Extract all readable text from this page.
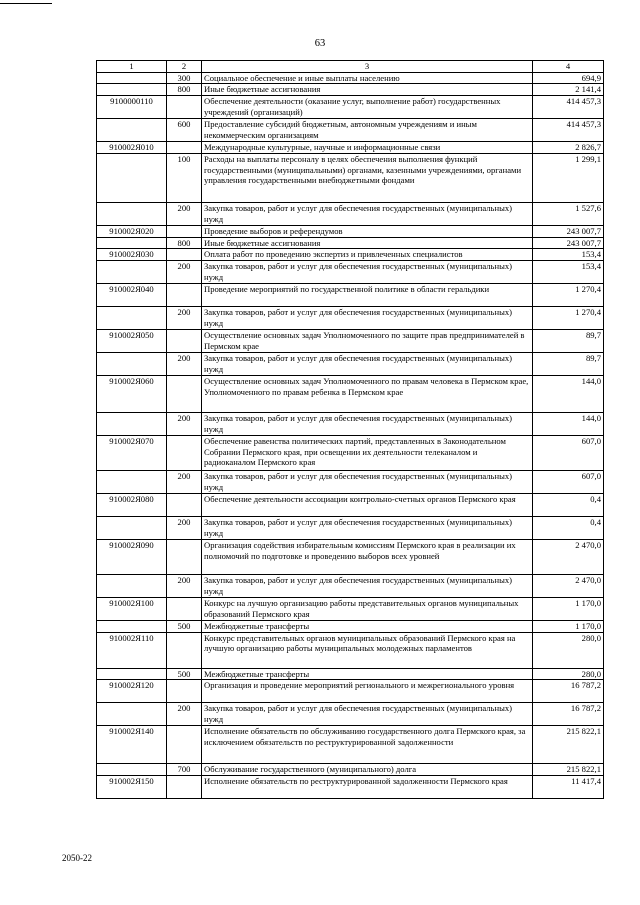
63
1	2	3	4
	300	Социальное обеспечение и иные выплаты населению	694,9
	800	Иные бюджетные ассигнования	2 141,4
9100000110		Обеспечение деятельности (оказание услуг, выполнение работ) государственных учреждений (организаций)	414 457,3
	600	Предоставление субсидий бюджетным, автономным учреждениям и иным некоммерческим организациям	414 457,3
910002Я010		Международные культурные, научные и информационные связи	2 826,7
	100	Расходы на выплаты персоналу в целях обеспечения выполнения функций государственными (муниципальными) органами, казенными учреждениями, органами управления государственными внебюджетными фондами	1 299,1
	200	Закупка товаров, работ и услуг для обеспечения государственных (муниципальных) нужд	1 527,6
910002Я020		Проведение выборов и референдумов	243 007,7
	800	Иные бюджетные ассигнования	243 007,7
910002Я030		Оплата работ по проведению экспертиз и привлеченных специалистов	153,4
	200	Закупка товаров, работ и услуг для обеспечения государственных (муниципальных) нужд	153,4
910002Я040		Проведение мероприятий по государственной политике в области геральдики	1 270,4
	200	Закупка товаров, работ и услуг для обеспечения государственных (муниципальных) нужд	1 270,4
910002Я050		Осуществление основных задач Уполномоченного по защите прав предпринимателей в Пермском крае	89,7
	200	Закупка товаров, работ и услуг для обеспечения государственных (муниципальных) нужд	89,7
910002Я060		Осуществление основных задач Уполномоченного по правам человека в Пермском крае, Уполномоченного по правам ребенка в Пермском крае	144,0
	200	Закупка товаров, работ и услуг для обеспечения государственных (муниципальных) нужд	144,0
910002Я070		Обеспечение равенства политических партий, представленных в Законодательном Собрании Пермского края, при освещении их деятельности телеканалом и радиоканалом Пермского края	607,0
	200	Закупка товаров, работ и услуг для обеспечения государственных (муниципальных) нужд	607,0
910002Я080		Обеспечение деятельности ассоциации контрольно-счетных органов Пермского края	0,4
	200	Закупка товаров, работ и услуг для обеспечения государственных (муниципальных) нужд	0,4
910002Я090		Организация содействия избирательным комиссиям Пермского края в реализации их полномочий по подготовке и проведению выборов всех уровней	2 470,0
	200	Закупка товаров, работ и услуг для обеспечения государственных (муниципальных) нужд	2 470,0
910002Я100		Конкурс на лучшую организацию работы представительных органов муниципальных образований Пермского края	1 170,0
	500	Межбюджетные трансферты	1 170,0
910002Я110		Конкурс представительных органов муниципальных образований Пермского края на лучшую организацию работы муниципальных молодежных парламентов	280,0
	500	Межбюджетные трансферты	280,0
910002Я120		Организация и проведение мероприятий регионального и межрегионального уровня	16 787,2
	200	Закупка товаров, работ и услуг для обеспечения государственных (муниципальных) нужд	16 787,2
910002Я140		Исполнение обязательств по обслуживанию государственного долга Пермского края, за исключением обязательств по реструктурированной задолженности	215 822,1
	700	Обслуживание государственного (муниципального) долга	215 822,1
910002Я150		Исполнение обязательств по реструктурированной задолженности Пермского края	11 417,4
2050-22
